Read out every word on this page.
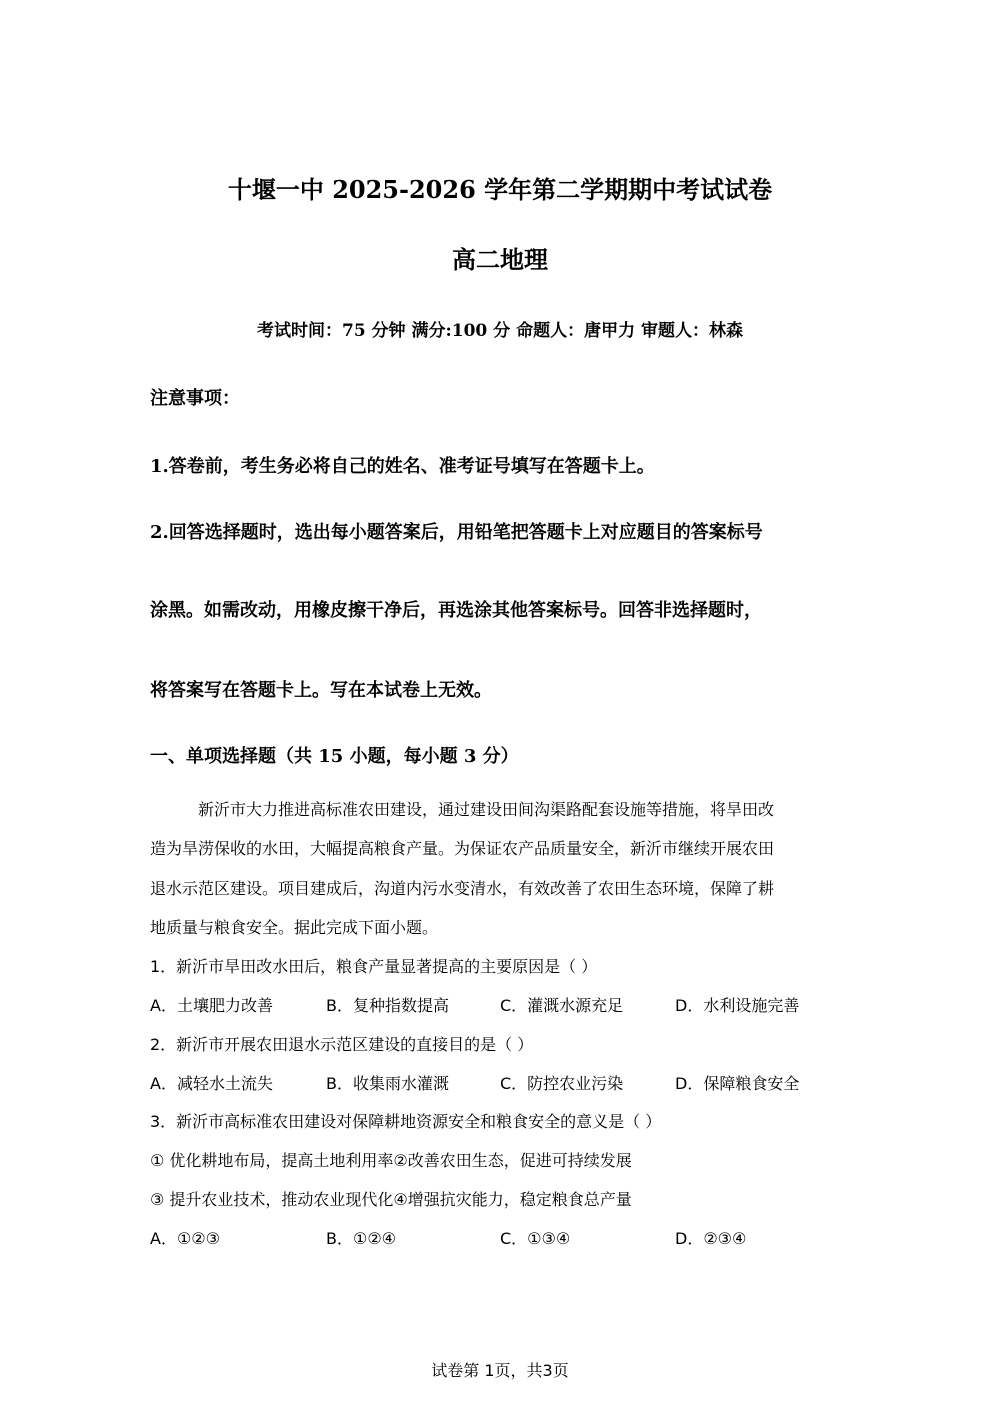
十堰一中 2025-2026 学年第二学期期中考试试卷
高二地理
考试时间：75 分钟 满分:100 分 命题人：唐甲力 审题人：林森
注意事项：
1.答卷前，考生务必将自己的姓名、准考证号填写在答题卡上。
2.回答选择题时，选出每小题答案后，用铅笔把答题卡上对应题目的答案标号
涂黑。如需改动，用橡皮擦干净后，再选涂其他答案标号。回答非选择题时，
将答案写在答题卡上。写在本试卷上无效。
一、单项选择题（共 15 小题，每小题 3 分）
新沂市大力推进高标准农田建设，通过建设田间沟渠路配套设施等措施，将旱田改
造为旱涝保收的水田，大幅提高粮食产量。为保证农产品质量安全，新沂市继续开展农田
退水示范区建设。项目建成后，沟道内污水变清水，有效改善了农田生态环境，保障了耕
地质量与粮食安全。据此完成下面小题。
1．新沂市旱田改水田后，粮食产量显著提高的主要原因是（ ）
A．土壤肥力改善	B．复种指数提高	C．灌溉水源充足	D．水利设施完善
2．新沂市开展农田退水示范区建设的直接目的是（ ）
A．减轻水土流失	B．收集雨水灌溉	C．防控农业污染	D．保障粮食安全
3．新沂市高标准农田建设对保障耕地资源安全和粮食安全的意义是（ ）
① 优化耕地布局，提高土地利用率②改善农田生态，促进可持续发展
③ 提升农业技术，推动农业现代化④增强抗灾能力，稳定粮食总产量
A．①②③	B．①②④	C．①③④	D．②③④
试卷第 1页，共3页
